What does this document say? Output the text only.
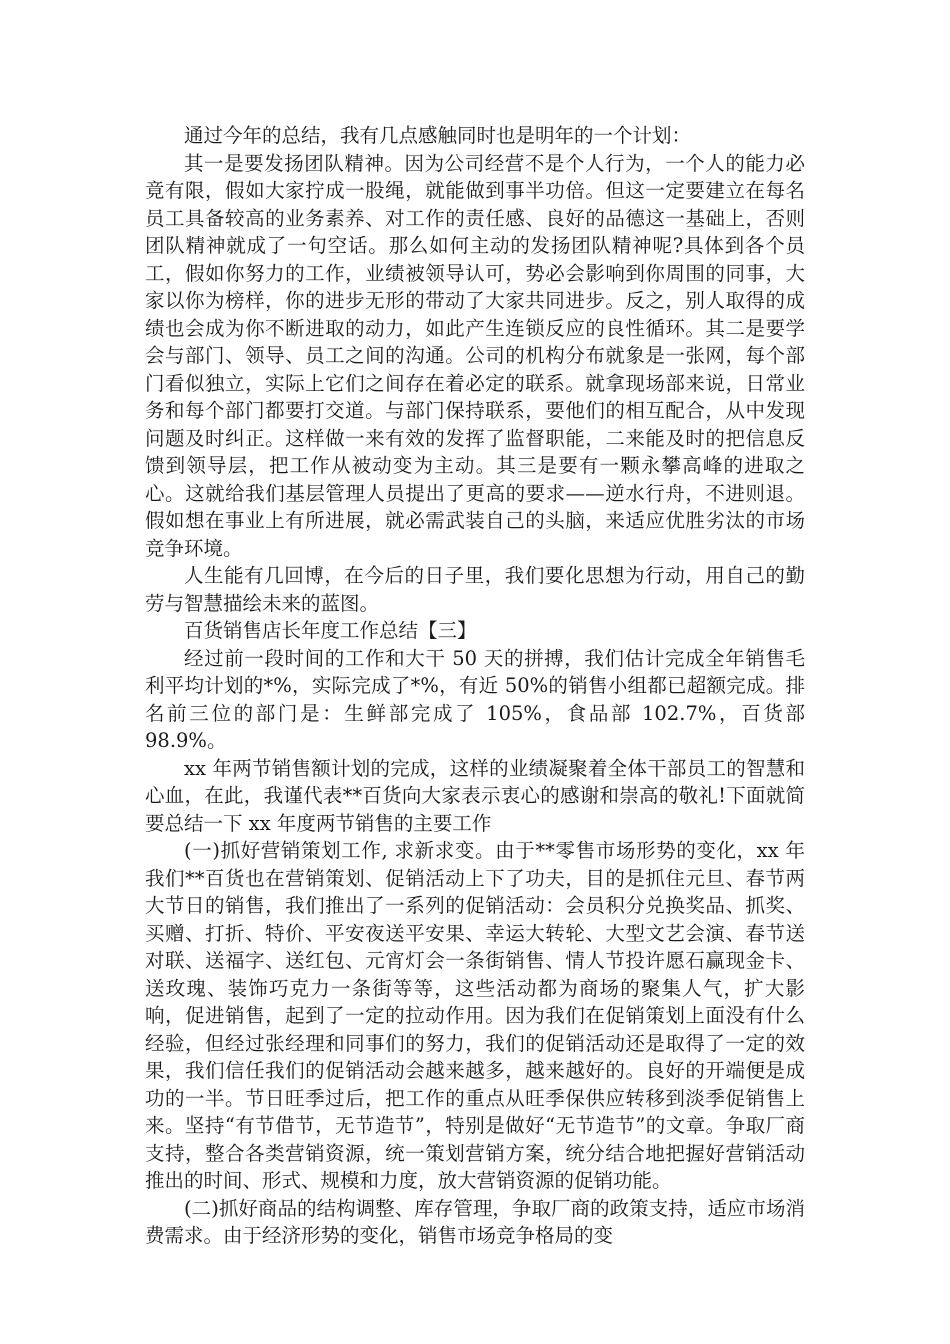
通过今年的总结，我有几点感触同时也是明年的一个计划：

其一是要发扬团队精神。因为公司经营不是个人行为，一个人的能力必竟有限，假如大家拧成一股绳，就能做到事半功倍。但这一定要建立在每名员工具备较高的业务素养、对工作的责任感、良好的品德这一基础上，否则团队精神就成了一句空话。那么如何主动的发扬团队精神呢?具体到各个员工，假如你努力的工作，业绩被领导认可，势必会影响到你周围的同事，大家以你为榜样，你的进步无形的带动了大家共同进步。反之，别人取得的成绩也会成为你不断进取的动力，如此产生连锁反应的良性循环。其二是要学会与部门、领导、员工之间的沟通。公司的机构分布就象是一张网，每个部门看似独立，实际上它们之间存在着必定的联系。就拿现场部来说，日常业务和每个部门都要打交道。与部门保持联系，要他们的相互配合，从中发现问题及时纠正。这样做一来有效的发挥了监督职能，二来能及时的把信息反馈到领导层，把工作从被动变为主动。其三是要有一颗永攀高峰的进取之心。这就给我们基层管理人员提出了更高的要求——逆水行舟，不进则退。假如想在事业上有所进展，就必需武装自己的头脑，来适应优胜劣汰的市场竞争环境。

人生能有几回博，在今后的日子里，我们要化思想为行动，用自己的勤劳与智慧描绘未来的蓝图。

百货销售店长年度工作总结【三】

经过前一段时间的工作和大干 50 天的拼搏，我们估计完成全年销售毛利平均计划的*%，实际完成了*%，有近 50%的销售小组都已超额完成。排名前三位的部门是：生鲜部完成了 105%，食品部 102.7%，百货部 98.9%。

xx 年两节销售额计划的完成，这样的业绩凝聚着全体干部员工的智慧和心血，在此，我谨代表**百货向大家表示衷心的感谢和崇高的敬礼!下面就简要总结一下 xx 年度两节销售的主要工作

(一)抓好营销策划工作, 求新求变。由于**零售市场形势的变化，xx 年我们**百货也在营销策划、促销活动上下了功夫，目的是抓住元旦、春节两大节日的销售，我们推出了一系列的促销活动：会员积分兑换奖品、抓奖、买赠、打折、特价、平安夜送平安果、幸运大转轮、大型文艺会演、春节送对联、送福字、送红包、元宵灯会一条街销售、情人节投许愿石赢现金卡、送玫瑰、装饰巧克力一条街等等，这些活动都为商场的聚集人气，扩大影响，促进销售，起到了一定的拉动作用。因为我们在促销策划上面没有什么经验，但经过张经理和同事们的努力，我们的促销活动还是取得了一定的效果，我们信任我们的促销活动会越来越多，越来越好的。良好的开端便是成功的一半。节日旺季过后，把工作的重点从旺季保供应转移到淡季促销售上来。坚持“有节借节，无节造节”，特别是做好“无节造节”的文章。争取厂商支持，整合各类营销资源，统一策划营销方案，统分结合地把握好营销活动推出的时间、形式、规模和力度，放大营销资源的促销功能。

(二)抓好商品的结构调整、库存管理，争取厂商的政策支持，适应市场消费需求。由于经济形势的变化，销售市场竞争格局的变
